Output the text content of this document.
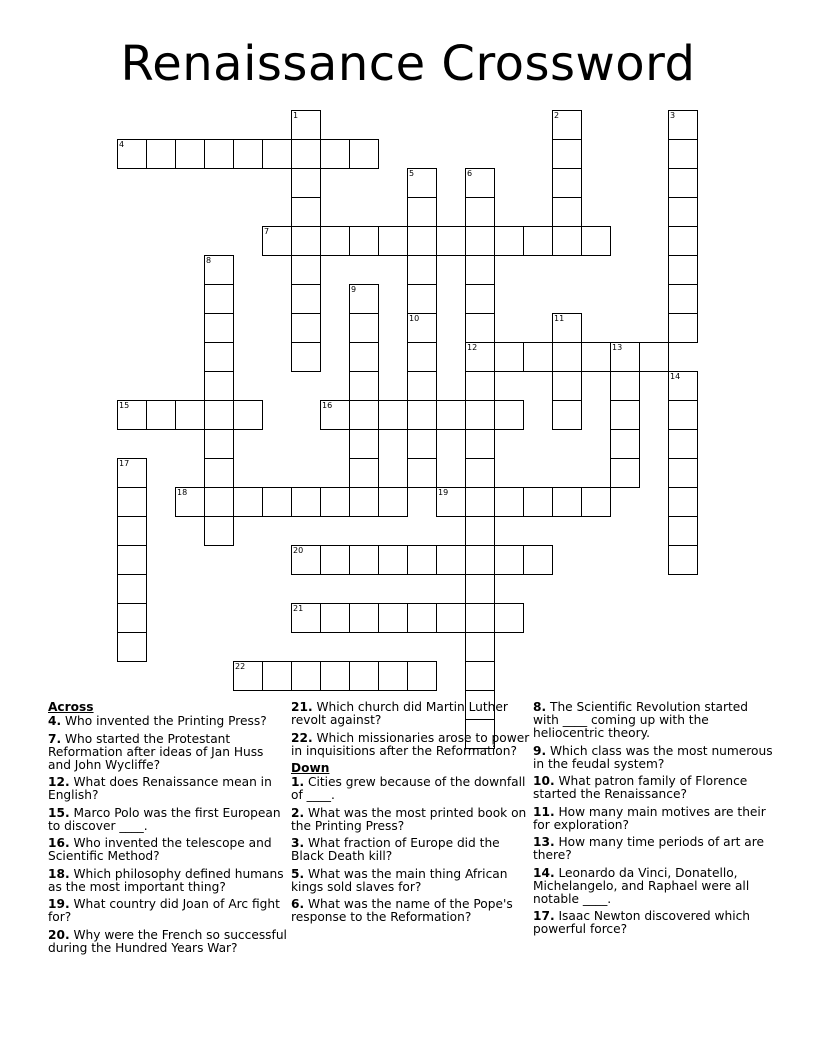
Renaissance Crossword
4
7
12	13
15	16
18	19
20
21
22
1	2	3
5	6
8
9
10	11
14
17
Across
4. Who invented the Printing Press?
7. Who started the Protestant Reformation after ideas of Jan Huss and John Wycliffe?
12. What does Renaissance mean in English?
15. Marco Polo was the first European to discover ____.
16. Who invented the telescope and Scientific Method?
18. Which philosophy defined humans as the most important thing?
19. What country did Joan of Arc fight for?
20. Why were the French so successful during the Hundred Years War?
21. Which church did Martin Luther revolt against?
22. Which missionaries arose to power in inquisitions after the Reformation?
Down
1. Cities grew because of the downfall of ____.
2. What was the most printed book on the Printing Press?
3. What fraction of Europe did the Black Death kill?
5. What was the main thing African kings sold slaves for?
6. What was the name of the Pope's response to the Reformation?
8. The Scientific Revolution started with ____ coming up with the heliocentric theory.
9. Which class was the most numerous in the feudal system?
10. What patron family of Florence started the Renaissance?
11. How many main motives are their for exploration?
13. How many time periods of art are there?
14. Leonardo da Vinci, Donatello, Michelangelo, and Raphael were all notable ____.
17. Isaac Newton discovered which powerful force?
